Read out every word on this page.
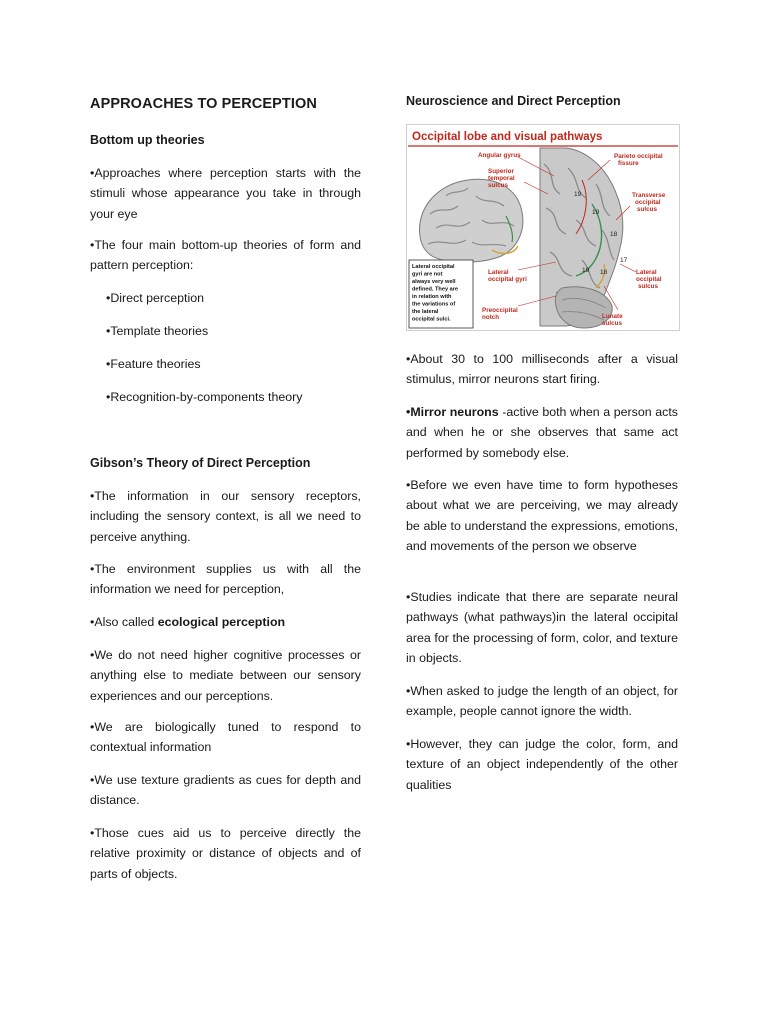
APPROACHES TO PERCEPTION
Bottom up theories

•Approaches where perception starts with the stimuli whose appearance you take in through your eye

•The four main bottom-up theories of form and pattern perception:

•Direct perception

•Template theories

•Feature theories

•Recognition-by-components theory

Gibson’s Theory of Direct Perception

•The information in our sensory receptors, including the sensory context, is all we need to perceive anything.

•The environment supplies us with all the information we need for perception,

•Also called ecological perception

•We do not need higher cognitive processes or anything else to mediate between our sensory experiences and our perceptions.

•We are biologically tuned to respond to contextual information

•We use texture gradients as cues for depth and distance.

•Those cues aid us to perceive directly the relative proximity or distance of objects and of parts of objects.

Neuroscience and Direct Perception
Occipital lobe and visual pathways
19
19
18
17
18
19
Angular gyrus
Superior
temporal
sulcus
Parieto occipital
fissure
Transverse
occipital
sulcus
Lateral
occipital gyri
Preoccipital
notch
Lateral
occipital
sulcus
Lunate
sulcus
Lateral occipital
gyri are not
always very well
defined. They are
in relation with
the variations of
the lateral
occipital sulci.

•About 30 to 100 milliseconds after a visual stimulus, mirror neurons start firing.

•Mirror neurons -active both when a person acts and when he or she observes that same act performed by somebody else.

•Before we even have time to form hypotheses about what we are perceiving, we may already be able to understand the expressions, emotions, and movements of the person we observe

•Studies indicate that there are separate neural pathways (what pathways)in the lateral occipital area for the processing of form, color, and texture in objects.

•When asked to judge the length of an object, for example, people cannot ignore the width.

•However, they can judge the color, form, and texture of an object independently of the other qualities
